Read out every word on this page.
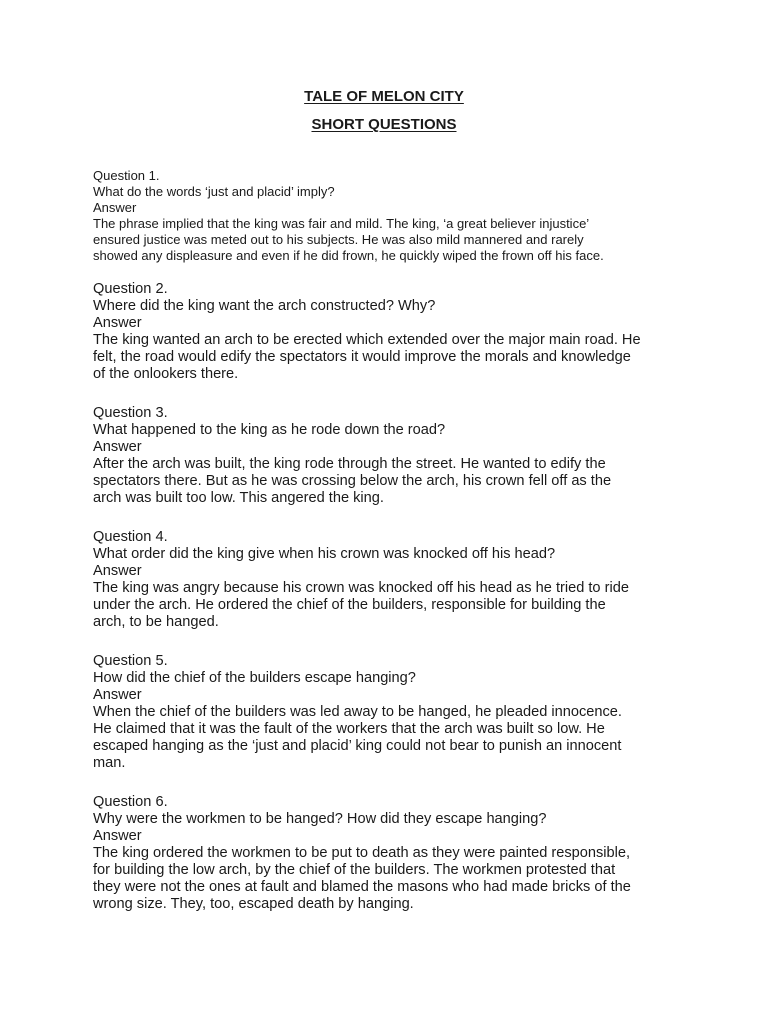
TALE OF MELON CITY
SHORT QUESTIONS

Question 1.

What do the words ‘just and placid’ imply?

Answer

The phrase implied that the king was fair and mild. The king, ‘a great believer injustice’

ensured justice was meted out to his subjects. He was also mild mannered and rarely

showed any displeasure and even if he did frown, he quickly wiped the frown off his face.

Question 2.

Where did the king want the arch constructed? Why?

Answer

The king wanted an arch to be erected which extended over the major main road. He

felt, the road would edify the spectators it would improve the morals and knowledge

of the onlookers there.

Question 3.

What happened to the king as he rode down the road?

Answer

After the arch was built, the king rode through the street. He wanted to edify the

spectators there. But as he was crossing below the arch, his crown fell off as the

arch was built too low. This angered the king.

Question 4.

What order did the king give when his crown was knocked off his head?

Answer

The king was angry because his crown was knocked off his head as he tried to ride

under the arch. He ordered the chief of the builders, responsible for building the

arch, to be hanged.

Question 5.

How did the chief of the builders escape hanging?

Answer

When the chief of the builders was led away to be hanged, he pleaded innocence.

He claimed that it was the fault of the workers that the arch was built so low. He

escaped hanging as the ‘just and placid’ king could not bear to punish an innocent

man.

Question 6.

Why were the workmen to be hanged? How did they escape hanging?

Answer

The king ordered the workmen to be put to death as they were painted responsible,

for building the low arch, by the chief of the builders. The workmen protested that

they were not the ones at fault and blamed the masons who had made bricks of the

wrong size. They, too, escaped death by hanging.
